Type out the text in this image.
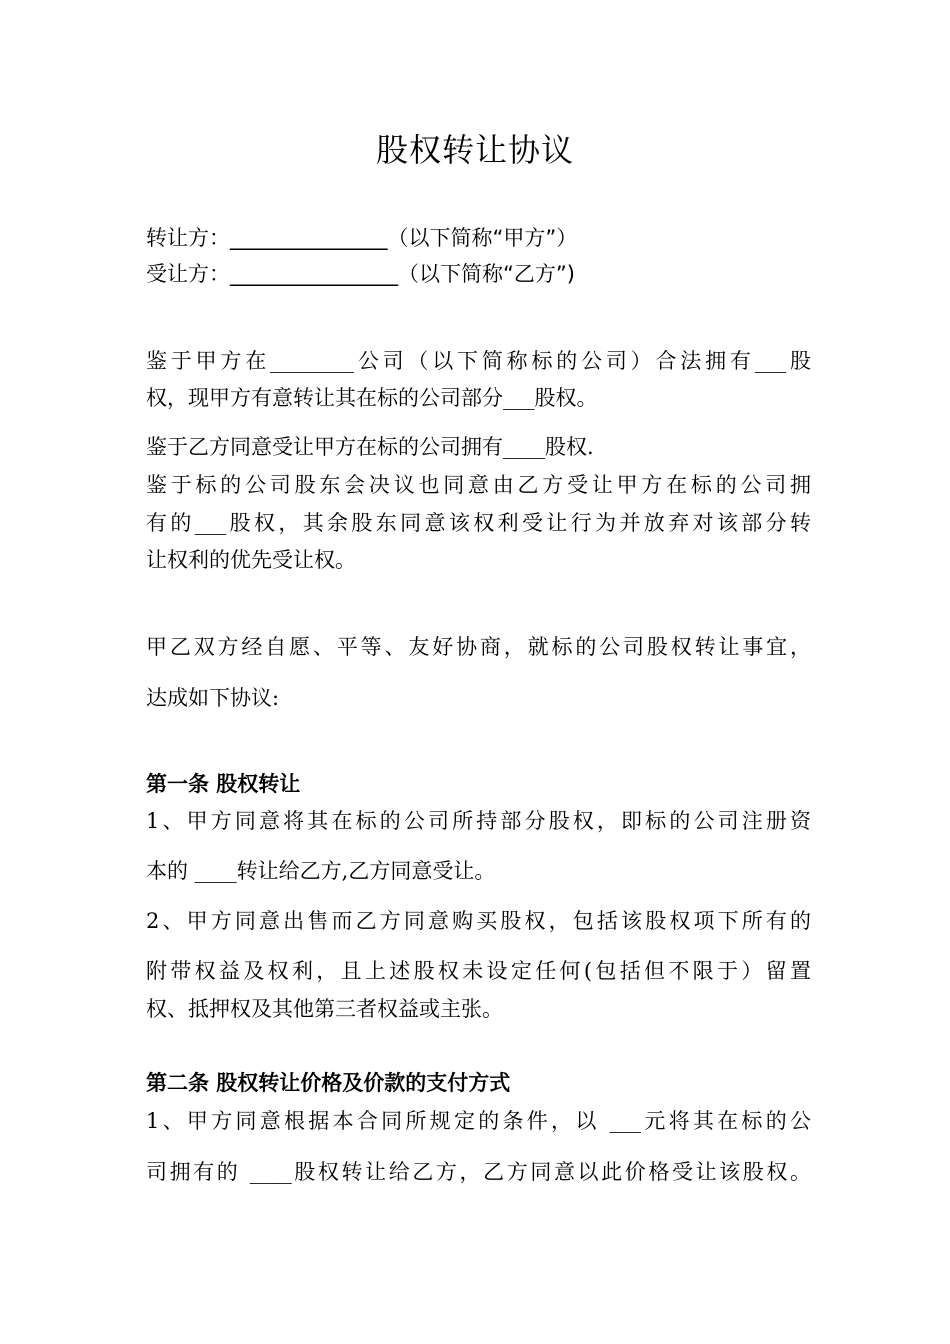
股权转让协议

转让方：_______________（以下简称“甲方”）

受让方：________________（以下简称“乙方”)

鉴于甲方在________公司（以下简称标的公司）合法拥有___股

权，现甲方有意转让其在标的公司部分___股权。

鉴于乙方同意受让甲方在标的公司拥有____股权.

鉴于标的公司股东会决议也同意由乙方受让甲方在标的公司拥

有的___股权，其余股东同意该权利受让行为并放弃对该部分转

让权利的优先受让权。

甲乙双方经自愿、平等、友好协商，就标的公司股权转让事宜，

达成如下协议:

第一条 股权转让

1、甲方同意将其在标的公司所持部分股权，即标的公司注册资

本的 ____转让给乙方,乙方同意受让。

2、甲方同意出售而乙方同意购买股权，包括该股权项下所有的

附带权益及权利，且上述股权未设定任何(包括但不限于）留置

权、抵押权及其他第三者权益或主张。

第二条 股权转让价格及价款的支付方式

1、甲方同意根据本合同所规定的条件，以 ___元将其在标的公

司拥有的 ____股权转让给乙方，乙方同意以此价格受让该股权。
